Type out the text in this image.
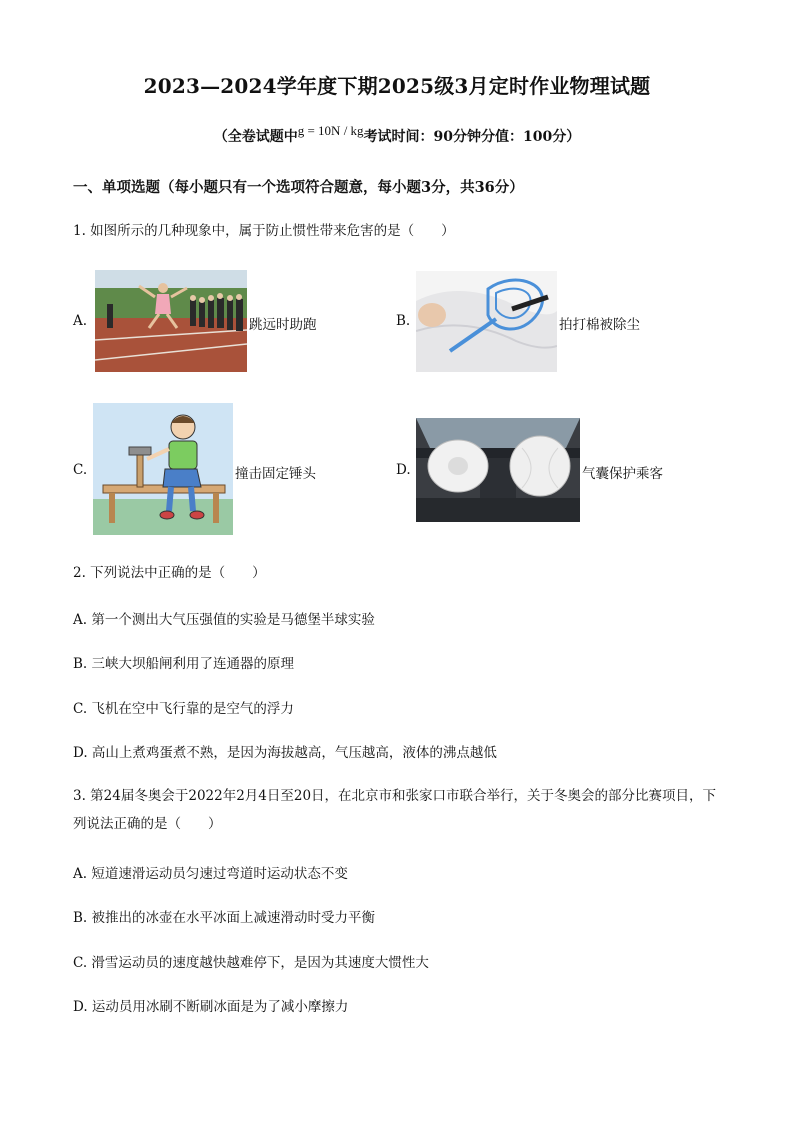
2023—2024学年度下期2025级3月定时作业物理试题
（全卷试题中g = 10N / kg考试时间：90分钟分值：100分）
一、单项选题（每小题只有一个选项符合题意，每小题3分，共36分）
1. 如图所示的几种现象中，属于防止惯性带来危害的是（　　）
A.	跳远时助跑	B.	拍打棉被除尘
C.	撞击固定锤头	D.	气囊保护乘客
2. 下列说法中正确的是（　　）
A. 第一个测出大气压强值的实验是马德堡半球实验
B. 三峡大坝船闸利用了连通器的原理
C. 飞机在空中飞行靠的是空气的浮力
D. 高山上煮鸡蛋煮不熟，是因为海拔越高，气压越高，液体的沸点越低
3. 第24届冬奥会于2022年2月4日至20日，在北京市和张家口市联合举行，关于冬奥会的部分比赛项目，下列说法正确的是（　　）
A. 短道速滑运动员匀速过弯道时运动状态不变
B. 被推出的冰壶在水平冰面上减速滑动时受力平衡
C. 滑雪运动员的速度越快越难停下，是因为其速度大惯性大
D. 运动员用冰刷不断刷冰面是为了减小摩擦力
